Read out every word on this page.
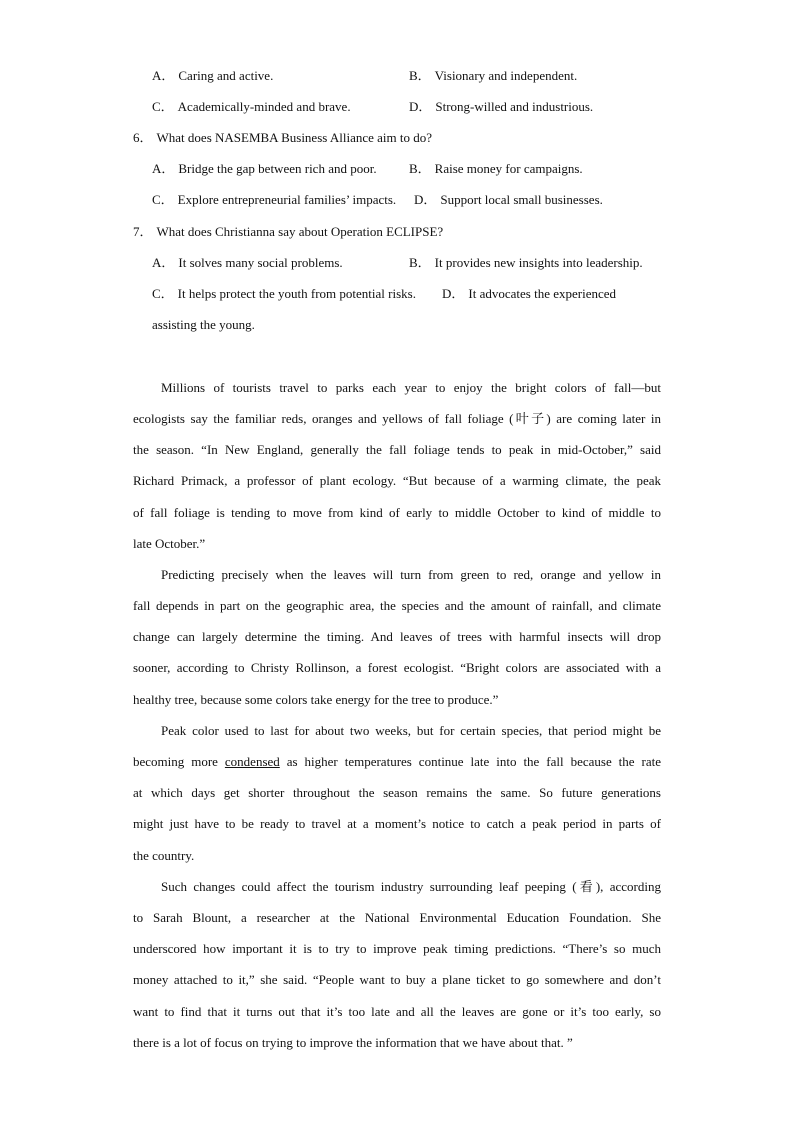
A． Caring and active.	B． Visionary and independent.
C． Academically-minded and brave.	D． Strong-willed and industrious.
6． What does NASEMBA Business Alliance aim to do?
A． Bridge the gap between rich and poor. B． Raise money for campaigns.
C． Explore entrepreneurial families’ impacts. D． Support local small businesses.
7． What does Christianna say about Operation ECLIPSE?
A． It solves many social problems.	B． It provides new insights into leadership.
C． It helps protect the youth from potential risks. D． It advocates the experienced
assisting the young.
Millions of tourists travel to parks each year to enjoy the bright colors of fall—but
ecologists say the familiar reds, oranges and yellows of fall foliage (叶子) are coming later in
the season. “In New England, generally the fall foliage tends to peak in mid-October,” said
Richard Primack, a professor of plant ecology. “But because of a warming climate, the peak
of fall foliage is tending to move from kind of early to middle October to kind of middle to
late October.”
Predicting precisely when the leaves will turn from green to red, orange and yellow in
fall depends in part on the geographic area, the species and the amount of rainfall, and climate
change can largely determine the timing. And leaves of trees with harmful insects will drop
sooner, according to Christy Rollinson, a forest ecologist. “Bright colors are associated with a
healthy tree, because some colors take energy for the tree to produce.”
Peak color used to last for about two weeks, but for certain species, that period might be
becoming more condensed as higher temperatures continue late into the fall because the rate
at which days get shorter throughout the season remains the same. So future generations
might just have to be ready to travel at a moment’s notice to catch a peak period in parts of
the country.
Such changes could affect the tourism industry surrounding leaf peeping (看), according
to Sarah Blount, a researcher at the National Environmental Education Foundation. She
underscored how important it is to try to improve peak timing predictions. “There’s so much
money attached to it,” she said. “People want to buy a plane ticket to go somewhere and don’t
want to find that it turns out that it’s too late and all the leaves are gone or it’s too early, so
there is a lot of focus on trying to improve the information that we have about that. ”
